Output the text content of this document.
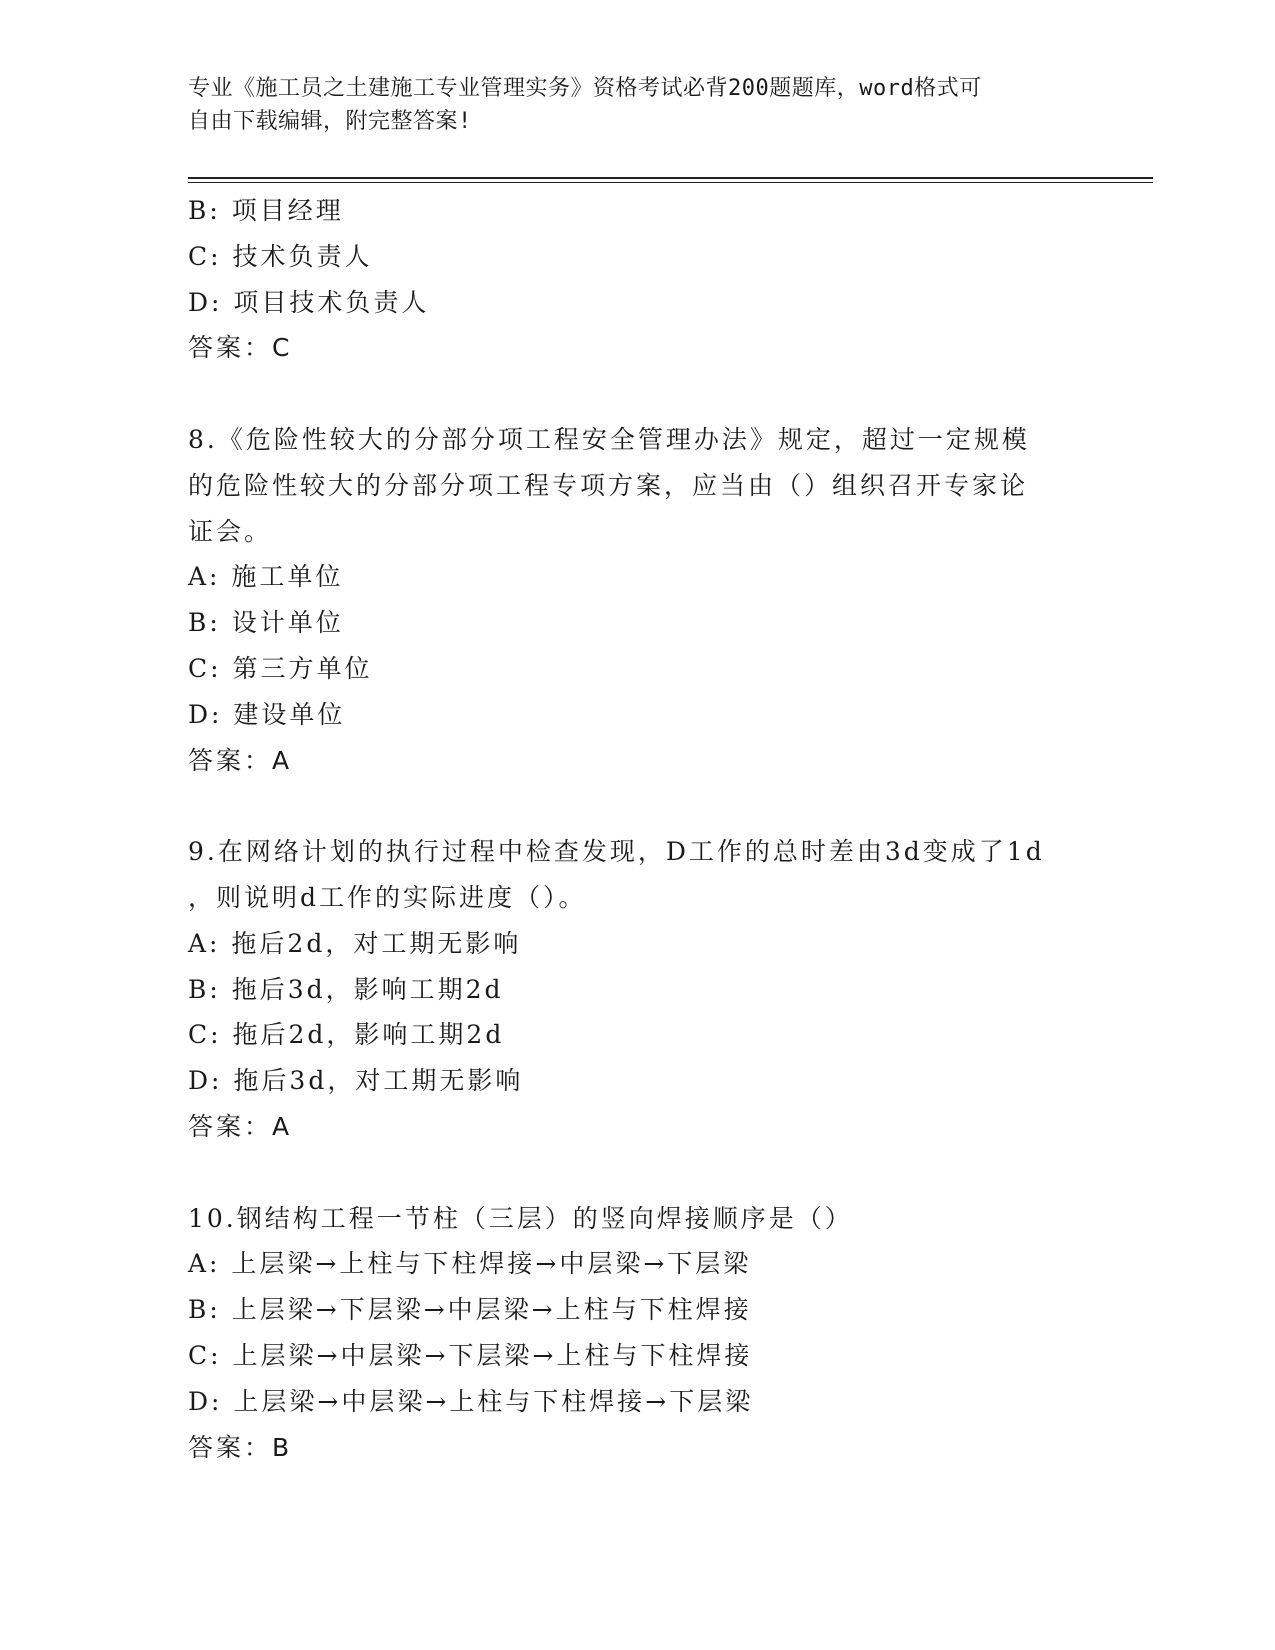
专业《施工员之土建施工专业管理实务》资格考试必背200题题库，word格式可
自由下载编辑，附完整答案!
B: 项目经理
C: 技术负责人
D: 项目技术负责人
答案：C
8.《危险性较大的分部分项工程安全管理办法》规定，超过一定规模
的危险性较大的分部分项工程专项方案，应当由（）组织召开专家论
证会。
A: 施工单位
B: 设计单位
C: 第三方单位
D: 建设单位
答案：A
9.在网络计划的执行过程中检查发现，D工作的总时差由3d变成了1d
，则说明d工作的实际进度（）。
A: 拖后2d，对工期无影响
B: 拖后3d，影响工期2d
C: 拖后2d，影响工期2d
D: 拖后3d，对工期无影响
答案：A
10.钢结构工程一节柱（三层）的竖向焊接顺序是（）
A: 上层梁→上柱与下柱焊接→中层梁→下层梁
B: 上层梁→下层梁→中层梁→上柱与下柱焊接
C: 上层梁→中层梁→下层梁→上柱与下柱焊接
D: 上层梁→中层梁→上柱与下柱焊接→下层梁
答案：B
